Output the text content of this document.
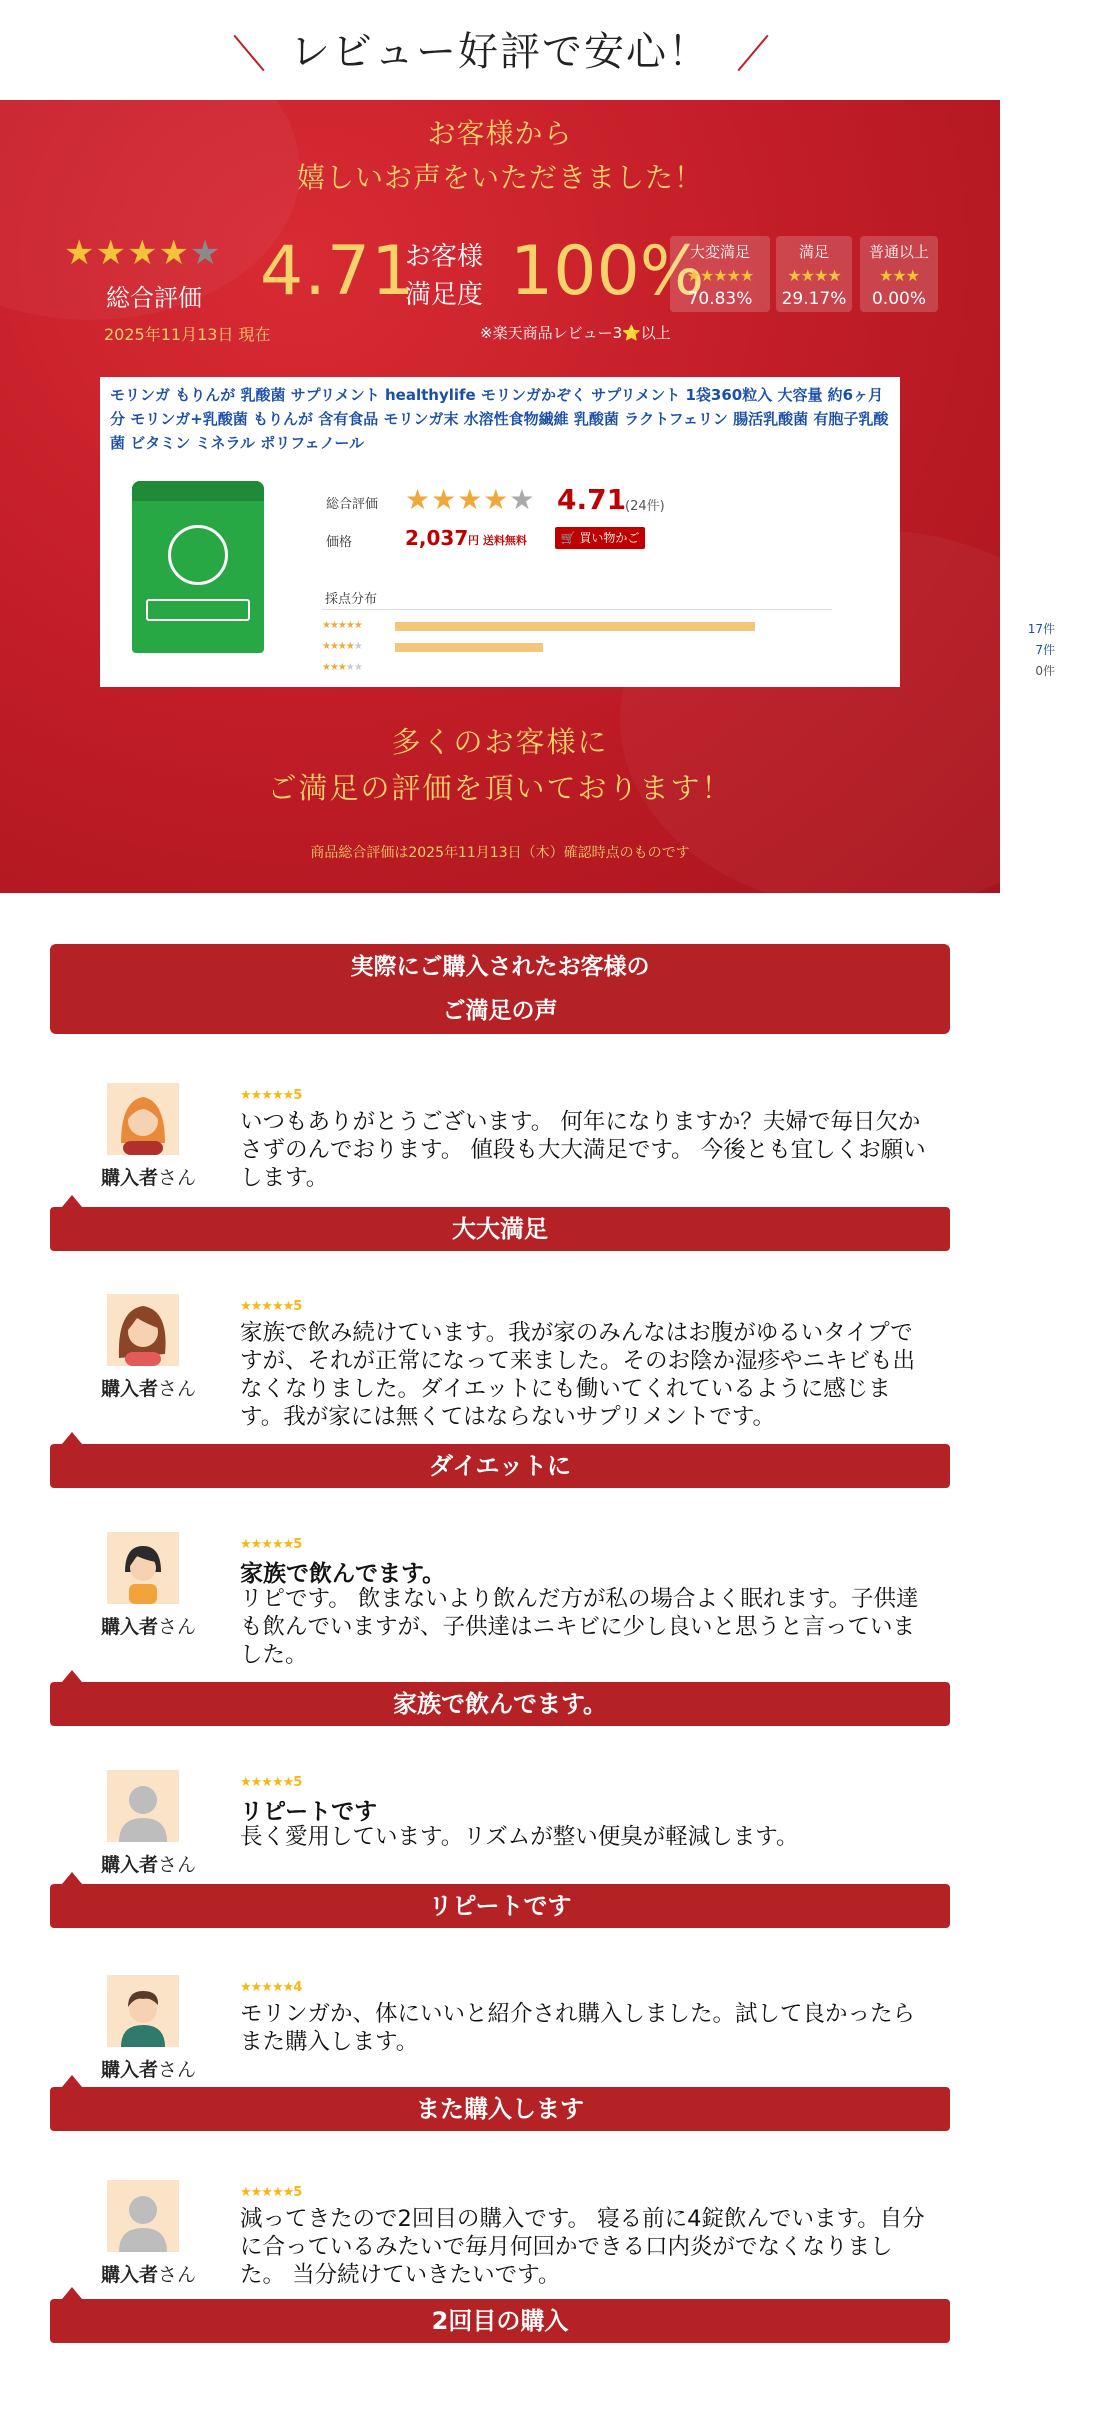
レビュー好評で安心！
お客様から
嬉しいお声をいただきました！
★★★★★
総合評価
2025年11月13日 現在
4.71
お客様
満足度 100%
大変満足
★★★★★
70.83%
満足
★★★★
29.17%
普通以上
★★★
0.00%
※楽天商品レビュー3⭐以上
モリンガ もりんが 乳酸菌 サプリメント healthylife モリンガかぞく サプリメント 1袋360粒入 大容量 約6ヶ月分 モリンガ+乳酸菌 もりんが 含有食品 モリンガ末 水溶性食物繊維 乳酸菌 ラクトフェリン 腸活乳酸菌 有胞子乳酸菌 ビタミン ミネラル ポリフェノール
総合評価 ★★★★★ 4.71
(24件)
価格	2,037 円 送料無料	🛒 買い物かご
採点分布
★★★★★	17件
★★★★★	7件
★★★★★	0件
多くのお客様に
ご満足の評価を頂いております！
商品総合評価は2025年11月13日（木）確認時点のものです
実際にご購入されたお客様の
ご満足の声
購入者さん
★★★★★5
いつもありがとうございます。 何年になりますか？夫婦で毎日欠かさずのんでおります。 値段も大大満足です。 今後とも宜しくお願いします。
大大満足
購入者さん
★★★★★5
家族で飲み続けています。我が家のみんなはお腹がゆるいタイプですが、それが正常になって来ました。そのお陰か湿疹やニキビも出なくなりました。ダイエットにも働いてくれているように感じます。我が家には無くてはならないサプリメントです。
ダイエットに
購入者さん
★★★★★5
家族で飲んでます。
リピです。 飲まないより飲んだ方が私の場合よく眠れます。子供達も飲んでいますが、子供達はニキビに少し良いと思うと言っていました。
家族で飲んでます。
購入者さん
★★★★★5
リピートです
長く愛用しています。リズムが整い便臭が軽減します。
リピートです
購入者さん
★★★★★4
モリンガか、体にいいと紹介され購入しました。試して良かったらまた購入します。
また購入します
購入者さん
★★★★★5
減ってきたので2回目の購入です。 寝る前に4錠飲んでいます。自分に合っているみたいで毎月何回かできる口内炎がでなくなりました。 当分続けていきたいです。
2回目の購入
